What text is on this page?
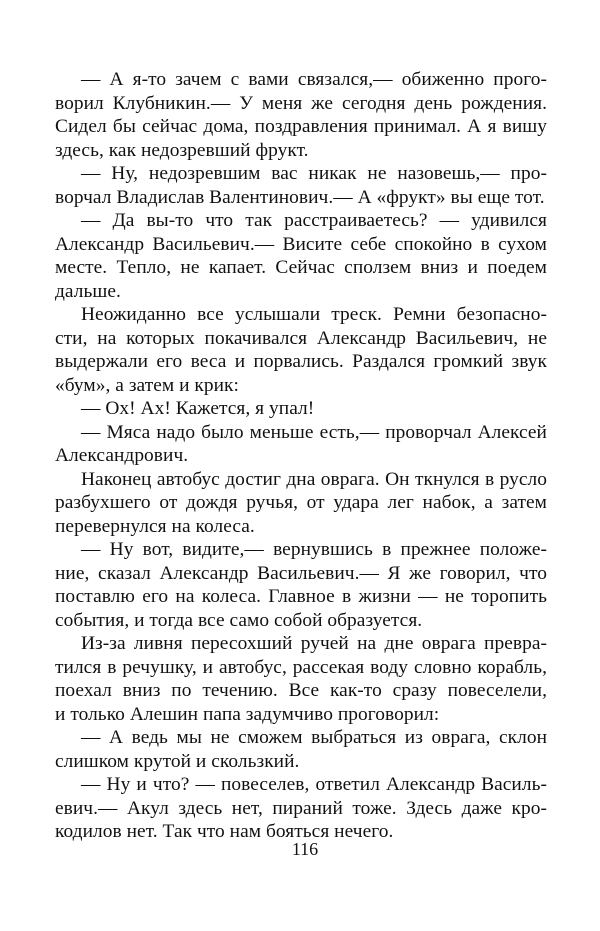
— А я-то зачем с вами связался,— обиженно прого-
ворил Клубникин.— У меня же сегодня день рождения.
Сидел бы сейчас дома, поздравления принимал. А я вишу
здесь, как недозревший фрукт.
— Ну, недозревшим вас никак не назовешь,— про-
ворчал Владислав Валентинович.— А «фрукт» вы еще тот.
— Да вы-то что так расстраиваетесь? — удивился
Александр Васильевич.— Висите себе спокойно в сухом
месте. Тепло, не капает. Сейчас сползем вниз и поедем
дальше.
Неожиданно все услышали треск. Ремни безопасно-
сти, на которых покачивался Александр Васильевич, не
выдержали его веса и порвались. Раздался громкий звук
«бум», а затем и крик:
— Ох! Ах! Кажется, я упал!
— Мяса надо было меньше есть,— проворчал Алексей
Александрович.
Наконец автобус достиг дна оврага. Он ткнулся в русло
разбухшего от дождя ручья, от удара лег набок, а затем
перевернулся на колеса.
— Ну вот, видите,— вернувшись в прежнее положе-
ние, сказал Александр Васильевич.— Я же говорил, что
поставлю его на колеса. Главное в жизни — не торопить
события, и тогда все само собой образуется.
Из-за ливня пересохший ручей на дне оврага превра-
тился в речушку, и автобус, рассекая воду словно корабль,
поехал вниз по течению. Все как-то сразу повеселели,
и только Алешин папа задумчиво проговорил:
— А ведь мы не сможем выбраться из оврага, склон
слишком крутой и скользкий.
— Ну и что? — повеселев, ответил Александр Василь-
евич.— Акул здесь нет, пираний тоже. Здесь даже кро-
кодилов нет. Так что нам бояться нечего.
116
